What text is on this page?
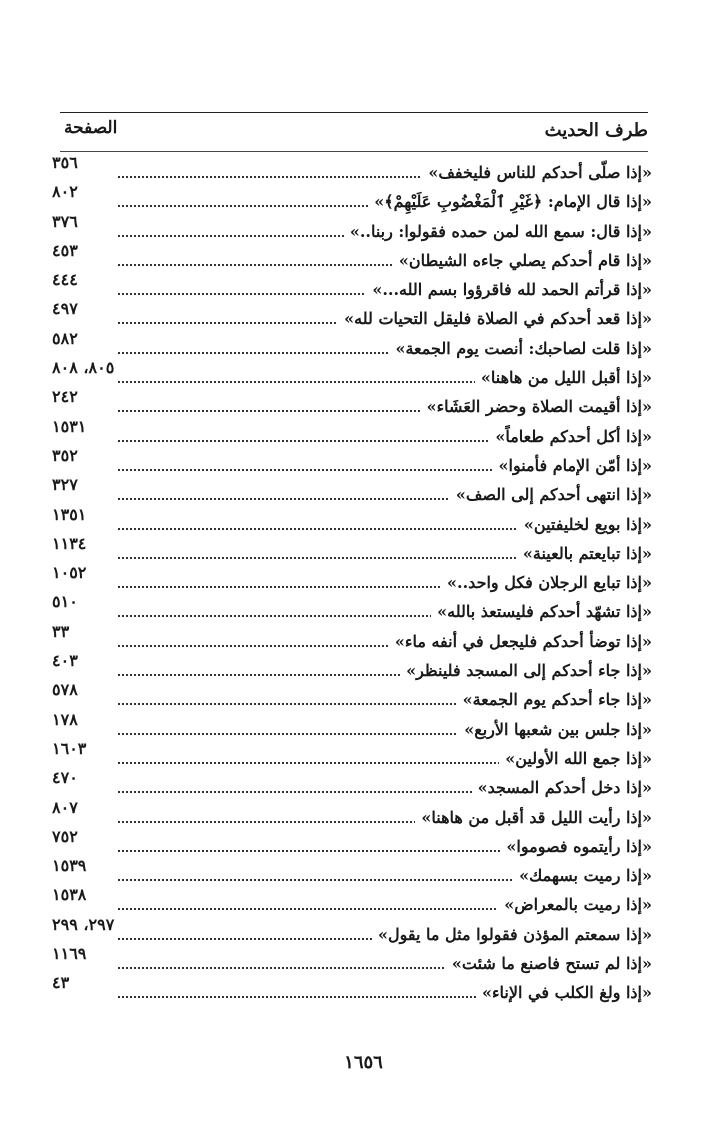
طرف الحديث
الصفحة
«إذا صلّى أحدكم للناس فليخفف»
٣٥٦
«إذا قال الإمام: ﴿غَيْرِ ٱلْمَغْضُوبِ عَلَيْهِمْ﴾»
٨٠٢
«إذا قال: سمع الله لمن حمده فقولوا: ربنا..»
٣٧٦
«إذا قام أحدكم يصلي جاءه الشيطان»
٤٥٣
«إذا قرأتم الحمد لله فاقرؤوا بسم الله...»
٤٤٤
«إذا قعد أحدكم في الصلاة فليقل التحيات لله»
٤٩٧
«إذا قلت لصاحبك: أنصت يوم الجمعة»
٥٨٢
«إذا أقبل الليل من هاهنا»
٨٠٥، ٨٠٨
«إذا أقيمت الصلاة وحضر العَشَاء»
٢٤٢
«إذا أكل أحدكم طعاماً»
١٥٣١
«إذا أمّن الإمام فأمنوا»
٣٥٢
«إذا انتهى أحدكم إلى الصف»
٣٢٧
«إذا بويع لخليفتين»
١٣٥١
«إذا تبايعتم بالعينة»
١١٣٤
«إذا تبايع الرجلان فكل واحد..»
١٠٥٢
«إذا تشهّد أحدكم فليستعذ بالله»
٥١٠
«إذا توضأ أحدكم فليجعل في أنفه ماء»
٣٣
«إذا جاء أحدكم إلى المسجد فلينظر»
٤٠٣
«إذا جاء أحدكم يوم الجمعة»
٥٧٨
«إذا جلس بين شعبها الأربع»
١٧٨
«إذا جمع الله الأولين»
١٦٠٣
«إذا دخل أحدكم المسجد»
٤٧٠
«إذا رأيت الليل قد أقبل من هاهنا»
٨٠٧
«إذا رأيتموه فصوموا»
٧٥٢
«إذا رميت بسهمك»
١٥٣٩
«إذا رميت بالمعراض»
١٥٣٨
«إذا سمعتم المؤذن فقولوا مثل ما يقول»
٢٩٧، ٢٩٩
«إذا لم تستح فاصنع ما شئت»
١١٦٩
«إذا ولغ الكلب في الإناء»
٤٣
١٦٥٦
